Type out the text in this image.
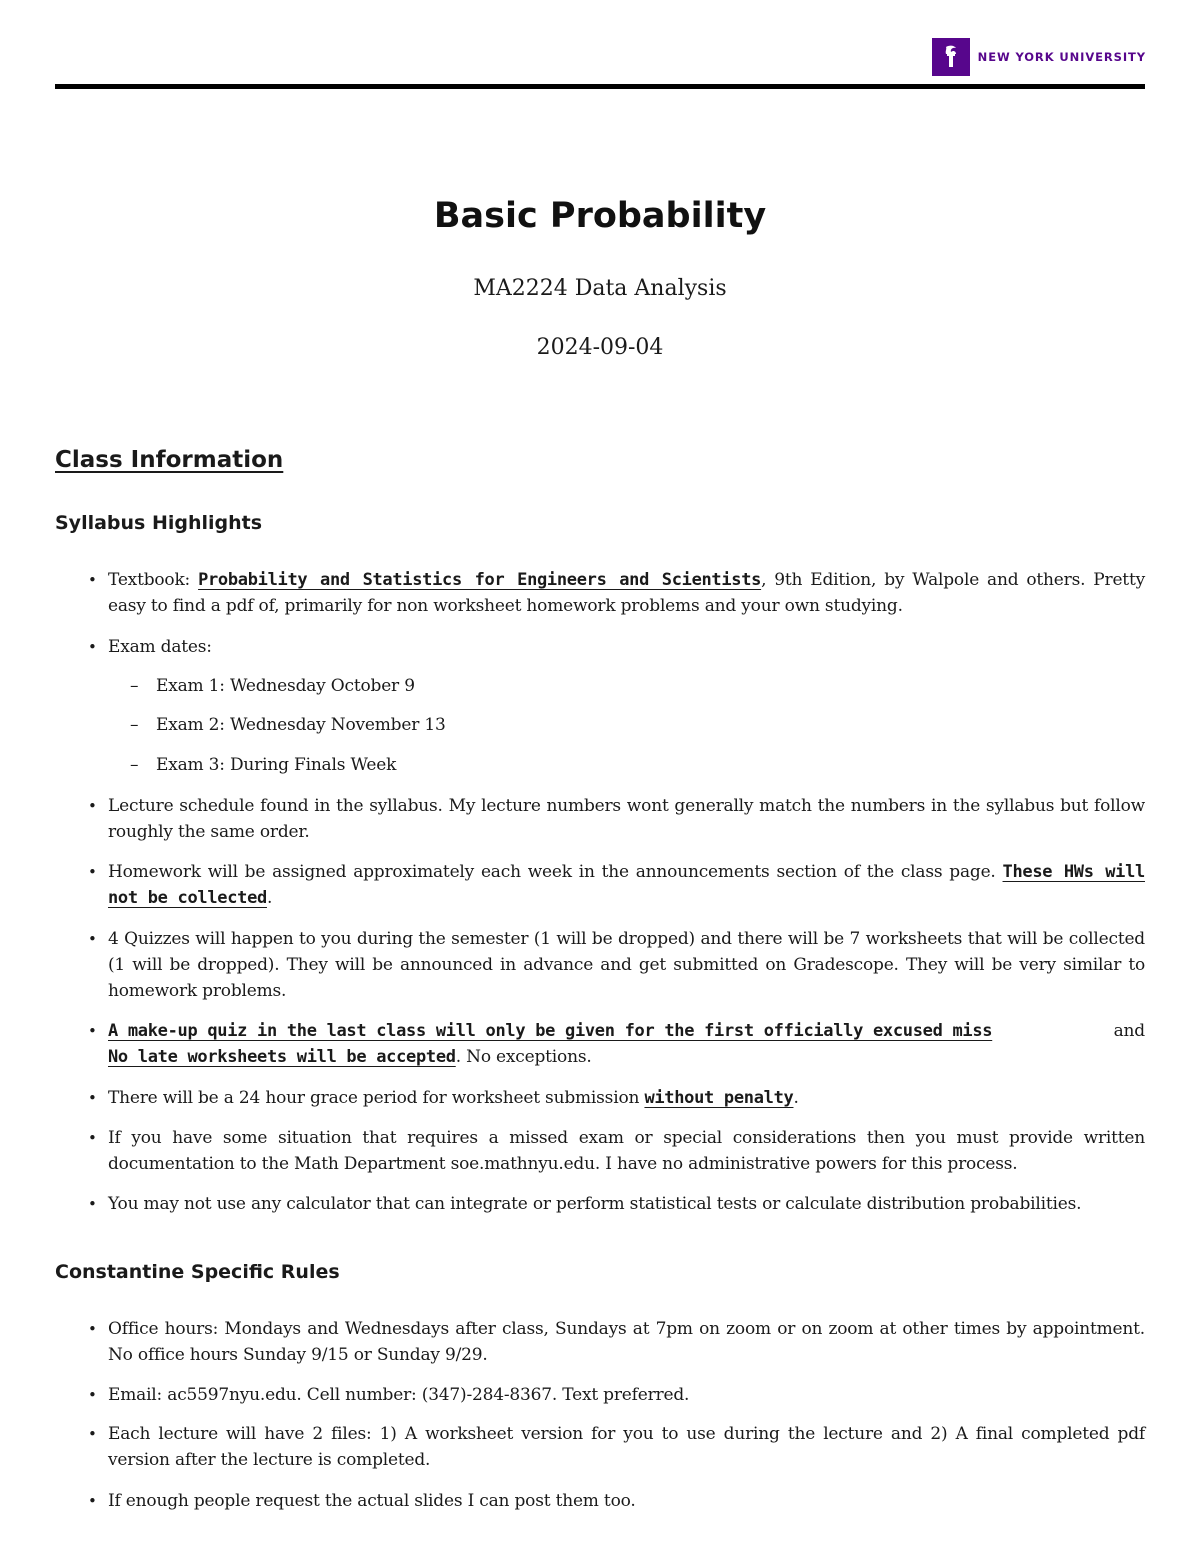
NEW YORK UNIVERSITY
Basic Probability
MA2224 Data Analysis
2024-09-04
Class Information
Syllabus Highlights
• Textbook: Probability and Statistics for Engineers and Scientists, 9th Edition, by Walpole and others. Pretty easy to find a pdf of, primarily for non worksheet homework problems and your own studying.
• Exam dates:
– Exam 1: Wednesday October 9
– Exam 2: Wednesday November 13
– Exam 3: During Finals Week
• Lecture schedule found in the syllabus. My lecture numbers wont generally match the numbers in the syllabus but follow roughly the same order.
• Homework will be assigned approximately each week in the announcements section of the class page. These HWs will not be collected.
• 4 Quizzes will happen to you during the semester (1 will be dropped) and there will be 7 worksheets that will be collected (1 will be dropped). They will be announced in advance and get submitted on Gradescope. They will be very similar to homework problems.
• A make-up quiz in the last class will only be given for the first officially excused miss	and
No late worksheets will be accepted. No exceptions.
• There will be a 24 hour grace period for worksheet submission without penalty.
• If you have some situation that requires a missed exam or special considerations then you must provide written documentation to the Math Department soe.mathnyu.edu. I have no administrative powers for this process.
• You may not use any calculator that can integrate or perform statistical tests or calculate distribution probabilities.
Constantine Specific Rules
• Office hours: Mondays and Wednesdays after class, Sundays at 7pm on zoom or on zoom at other times by appointment. No office hours Sunday 9/15 or Sunday 9/29.
• Email: ac5597nyu.edu. Cell number: (347)-284-8367. Text preferred.
• Each lecture will have 2 files: 1) A worksheet version for you to use during the lecture and 2) A final completed pdf version after the lecture is completed.
• If enough people request the actual slides I can post them too.
